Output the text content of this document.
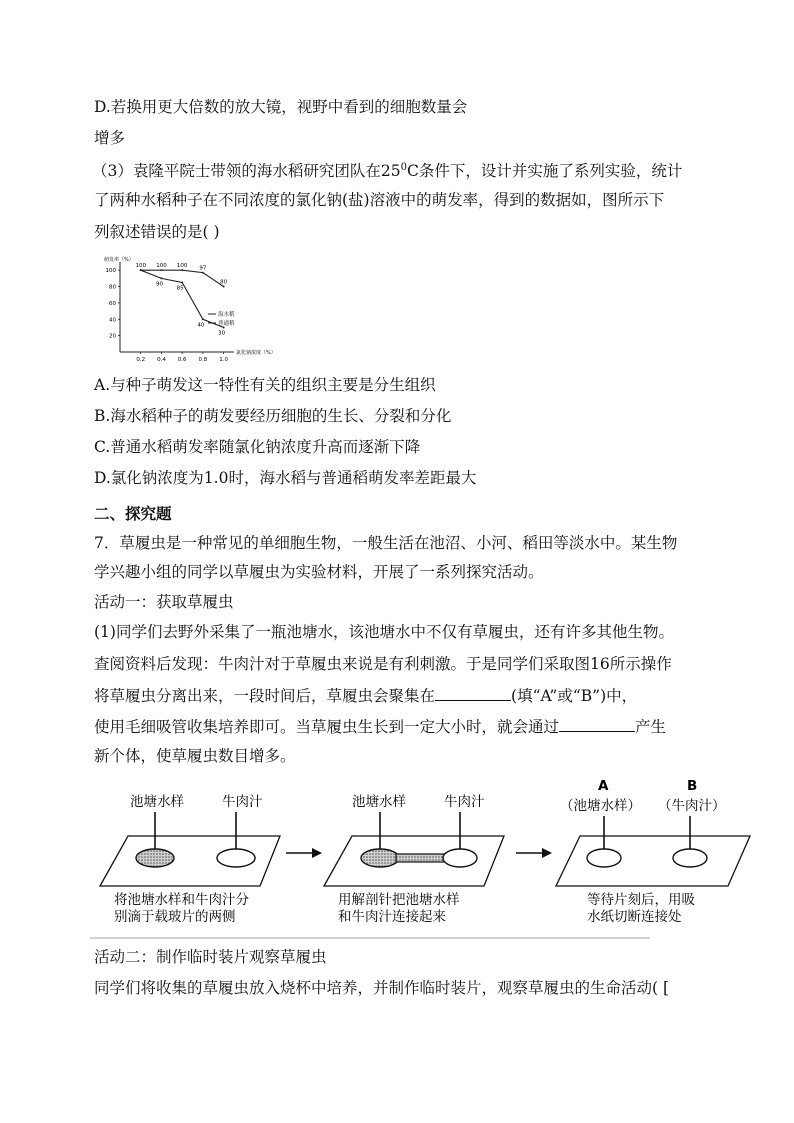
D.若换用更大倍数的放大镜，视野中看到的细胞数量会
增多
（3）袁隆平院士带领的海水稻研究团队在$25^0C$条件下，设计并实施了系列实验，统计
了两种水稻种子在不同浓度的氯化钠(盐)溶液中的萌发率，得到的数据如，图所示下
列叙述错误的是( )
萌发率（%）
氯化钠浓度（%）
100
80
60
40
20
0.2 0.4 0.6 0.8 1.0
100 100 100 97
80
90
85
40
30
海水稻
普通稻
A.与种子萌发这一特性有关的组织主要是分生组织
B.海水稻种子的萌发要经历细胞的生长、分裂和分化
C.普通水稻萌发率随氯化钠浓度升高而逐渐下降
D.氯化钠浓度为1.0时，海水稻与普通稻萌发率差距最大
二、探究题
7．草履虫是一种常见的单细胞生物，一般生活在池沼、小河、稻田等淡水中。某生物
学兴趣小组的同学以草履虫为实验材料，开展了一系列探究活动。
活动一：获取草履虫
(1)同学们去野外采集了一瓶池塘水，该池塘水中不仅有草履虫，还有许多其他生物。
查阅资料后发现：牛肉汁对于草履虫来说是有利刺激。于是同学们采取图16所示操作
将草履虫分离出来，一段时间后，草履虫会聚集在	(填“A”或“B”)中，
使用毛细吸管收集培养即可。当草履虫生长到一定大小时，就会通过	产生
新个体，使草履虫数目增多。
池塘水样	牛肉汁
将池塘水样和牛肉汁分
别滴于载玻片的两侧
池塘水样	牛肉汁
用解剖针把池塘水样
和牛肉汁连接起来
A	B
（池塘水样） （牛肉汁）
等待片刻后，用吸
水纸切断连接处
活动二：制作临时装片观察草履虫
同学们将收集的草履虫放入烧杯中培养，并制作临时装片，观察草履虫的生命活动( [
